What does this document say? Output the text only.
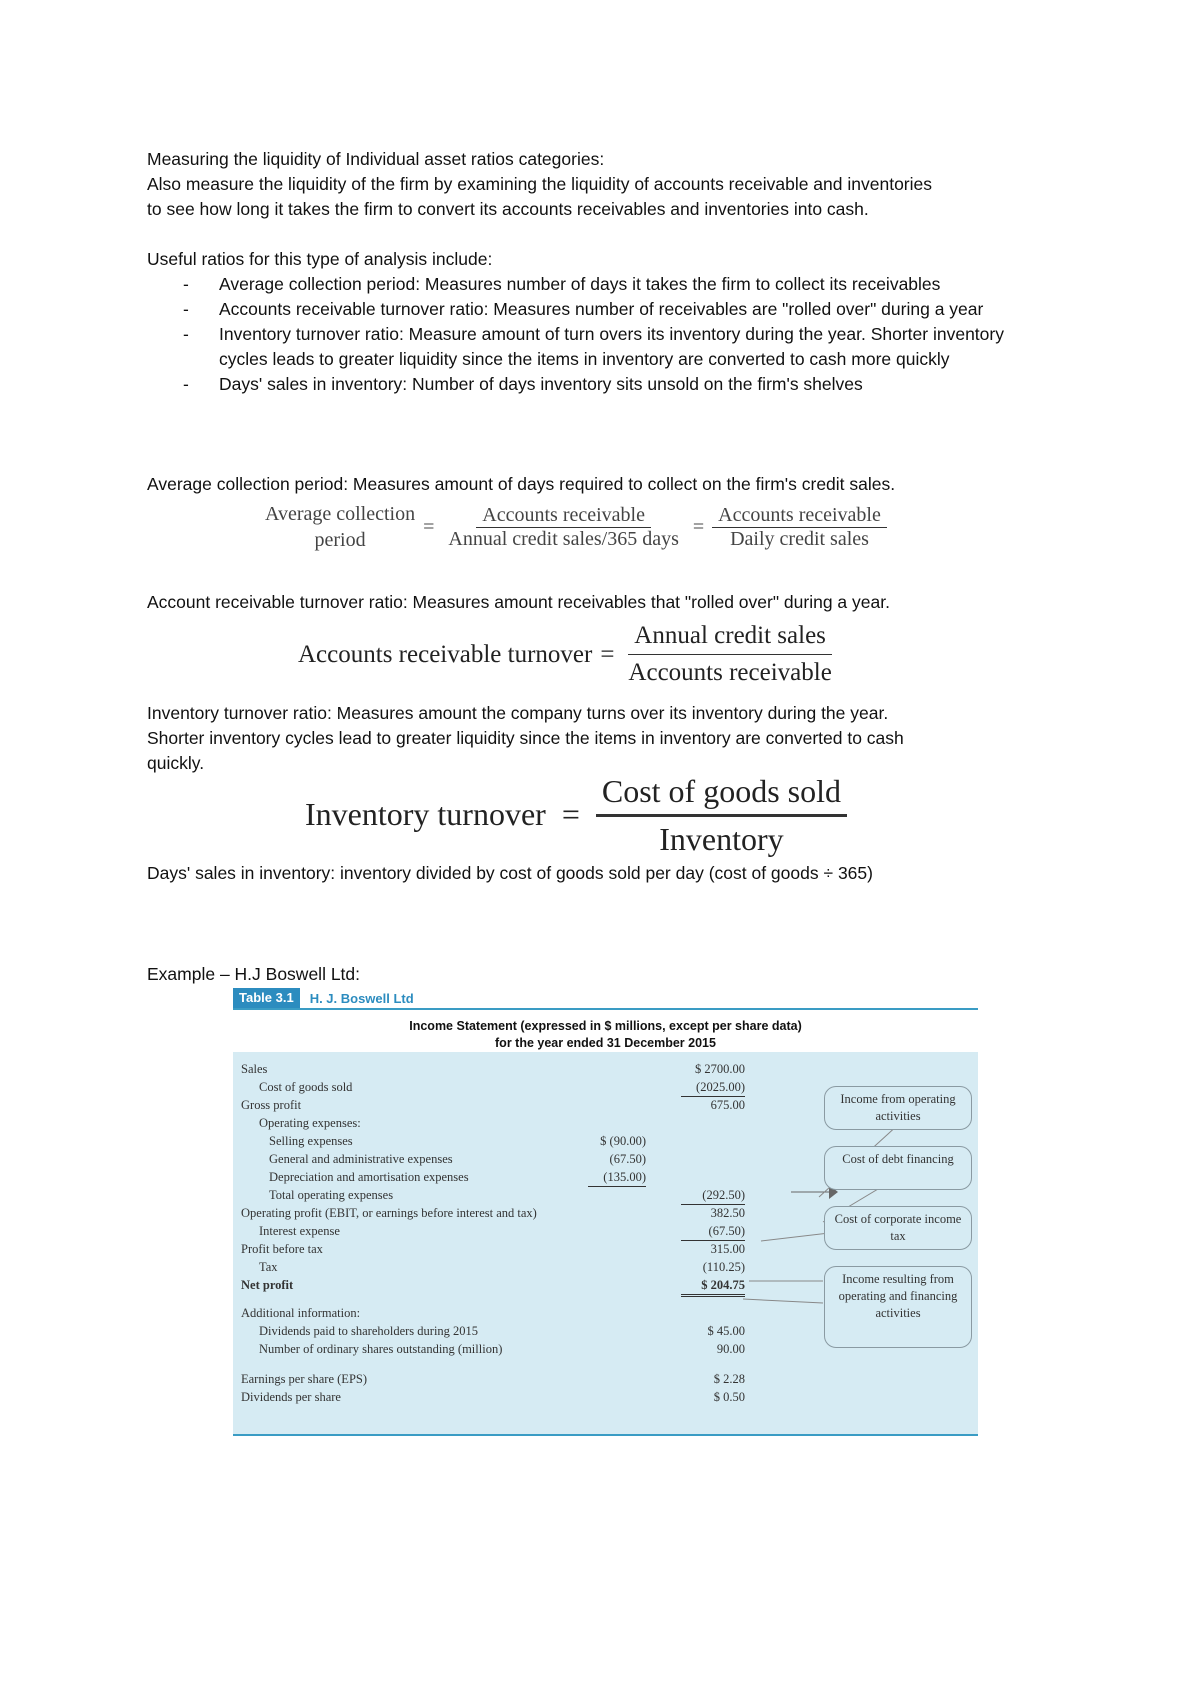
Measuring the liquidity of Individual asset ratios categories:

Also measure the liquidity of the firm by examining the liquidity of accounts receivable and inventories

to see how long it takes the firm to convert its accounts receivables and inventories into cash.

Useful ratios for this type of analysis include:

- Average collection period: Measures number of days it takes the firm to collect its receivables
- Accounts receivable turnover ratio: Measures number of receivables are "rolled over" during a year
- Inventory turnover ratio: Measure amount of turn overs its inventory during the year. Shorter inventory cycles leads to greater liquidity since the items in inventory are converted to cash more quickly
- Days' sales in inventory: Number of days inventory sits unsold on the firm's shelves

Average collection period: Measures amount of days required to collect on the firm's credit sales.

Average collection
period
= $\frac{\text{Accounts receivable}}{\text{Annual credit sales/365 days}} = \frac{\text{Accounts receivable}}{\text{Daily credit sales}}$

Account receivable turnover ratio: Measures amount receivables that "rolled over" during a year.

Accounts receivable turnover = $\frac{\text{Annual credit sales}}{\text{Accounts receivable}}$

Inventory turnover ratio: Measures amount the company turns over its inventory during the year.

Shorter inventory cycles lead to greater liquidity since the items in inventory are converted to cash

quickly.

Inventory turnover = $\frac{\text{Cost of goods sold}}{\text{Inventory}}$

Days' sales in inventory: inventory divided by cost of goods sold per day (cost of goods ÷ 365)

Example – H.J Boswell Ltd:

Table 3.1	H. J. Boswell Ltd
Income Statement (expressed in $ millions, except per share data)
for the year ended 31 December 2015
Sales	$ 2700.00
Cost of goods sold	(2025.00)
Gross profit	675.00
Operating expenses:
Selling expenses	$ (90.00)
General and administrative expenses	(67.50)
Depreciation and amortisation expenses	(135.00)
Total operating expenses	(292.50)
Operating profit (EBIT, or earnings before interest and tax)	382.50
Interest expense	(67.50)
Profit before tax	315.00
Tax	(110.25)
Net profit	$ 204.75
Additional information:
Dividends paid to shareholders during 2015	$ 45.00
Number of ordinary shares outstanding (million)	90.00
Earnings per share (EPS)	$ 2.28
Dividends per share	$ 0.50
Income from operating activities
Cost of debt financing
Cost of corporate income tax
Income resulting from operating and financing activities
